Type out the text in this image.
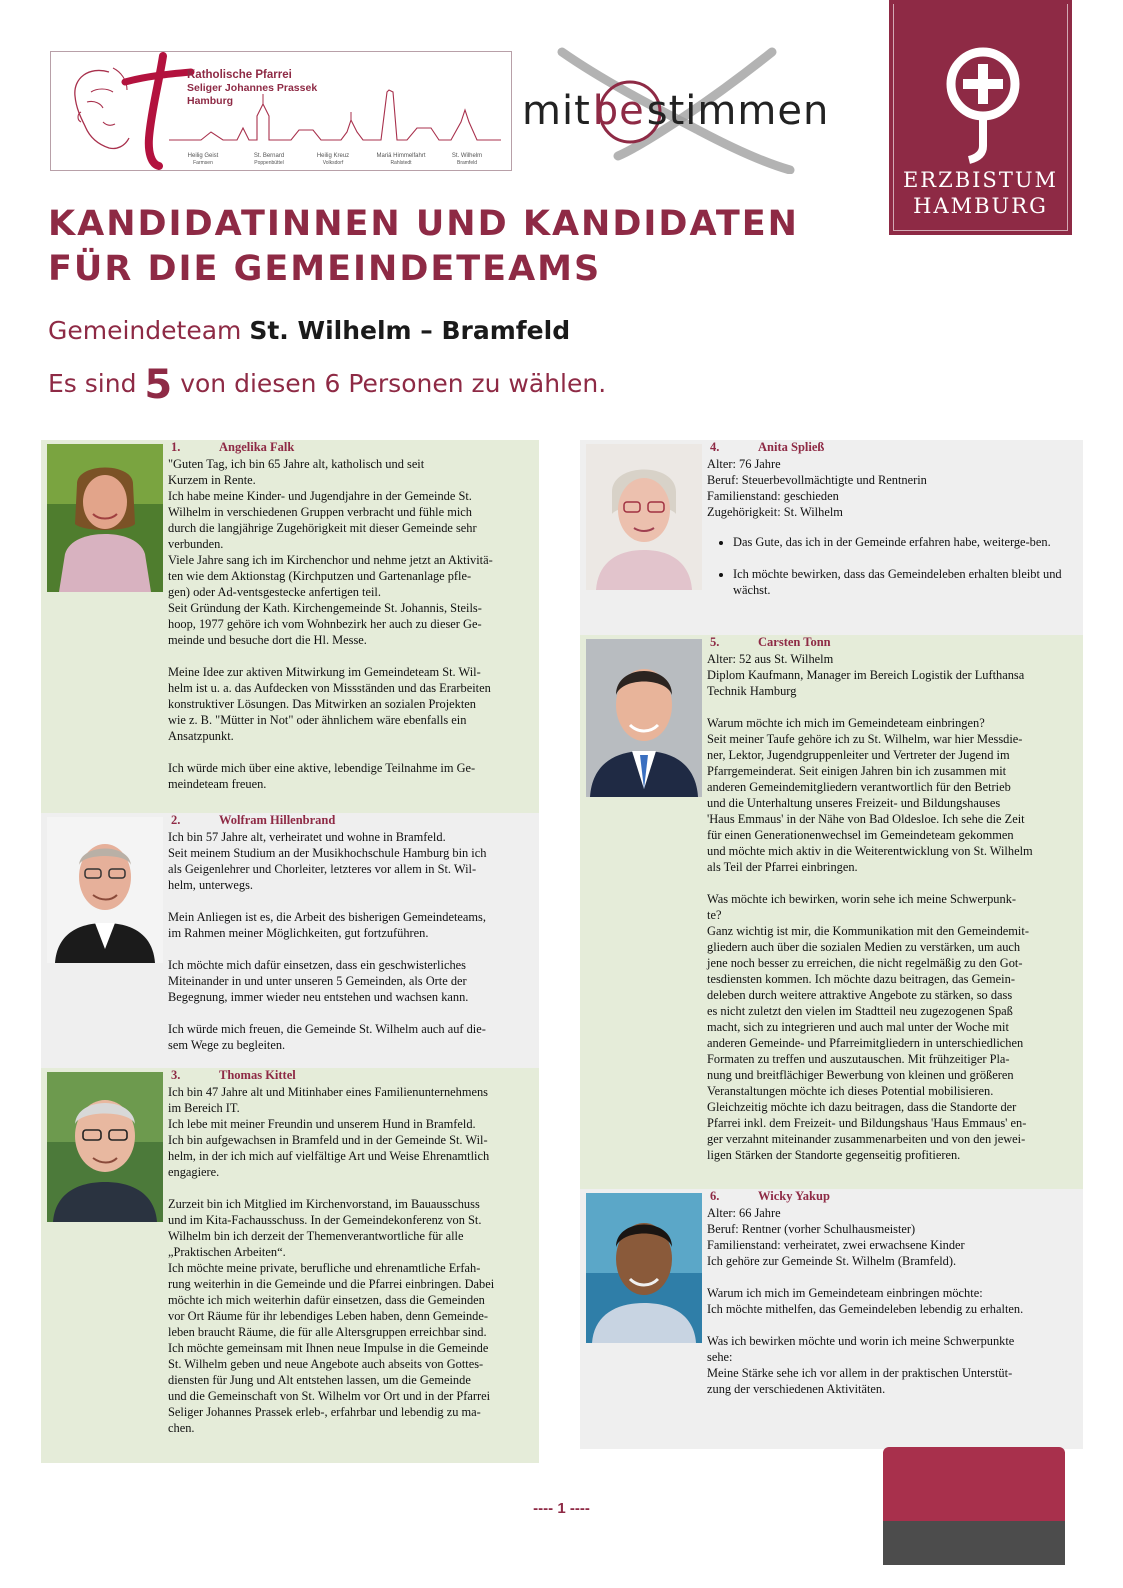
Katholische Pfarrei
Seliger Johannes Prassek
Hamburg
Heilig Geist
Farmsen
St. Bernard
Poppenbüttel
Heilig Kreuz
Volksdorf
Mariä Himmelfahrt
Rahlstedt
St. Wilhelm
Bramfeld
mitbestimmen
ERZBISTUM
HAMBURG
KANDIDATINNEN UND KANDIDATEN
FÜR DIE GEMEINDETEAMS
Gemeindeteam St. Wilhelm – Bramfeld
Es sind 5 von diesen 6 Personen zu wählen.
1.	Angelika Falk

"Guten Tag, ich bin 65 Jahre alt, katholisch und seit

Kurzem in Rente.

Ich habe meine Kinder- und Jugendjahre in der Gemeinde St.

Wilhelm in verschiedenen Gruppen verbracht und fühle mich

durch die langjährige Zugehörigkeit mit dieser Gemeinde sehr

verbunden.

Viele Jahre sang ich im Kirchenchor und nehme jetzt an Aktivitä-

ten wie dem Aktionstag (Kirchputzen und Gartenanlage pfle-

gen) oder Ad-ventsgestecke anfertigen teil.

Seit Gründung der Kath. Kirchengemeinde St. Johannis, Steils-

hoop, 1977 gehöre ich vom Wohnbezirk her auch zu dieser Ge-

meinde und besuche dort die Hl. Messe.

Meine Idee zur aktiven Mitwirkung im Gemeindeteam St. Wil-

helm ist u. a. das Aufdecken von Missständen und das Erarbeiten

konstruktiver Lösungen. Das Mitwirken an sozialen Projekten

wie z. B. "Mütter in Not" oder ähnlichem wäre ebenfalls ein

Ansatzpunkt.

Ich würde mich über eine aktive, lebendige Teilnahme im Ge-

meindeteam freuen.

2.	Wolfram Hillenbrand

Ich bin 57 Jahre alt, verheiratet und wohne in Bramfeld.

Seit meinem Studium an der Musikhochschule Hamburg bin ich

als Geigenlehrer und Chorleiter, letzteres vor allem in St. Wil-

helm, unterwegs.

Mein Anliegen ist es, die Arbeit des bisherigen Gemeindeteams,

im Rahmen meiner Möglichkeiten, gut fortzuführen.

Ich möchte mich dafür einsetzen, dass ein geschwisterliches

Miteinander in und unter unseren 5 Gemeinden, als Orte der

Begegnung, immer wieder neu entstehen und wachsen kann.

Ich würde mich freuen, die Gemeinde St. Wilhelm auch auf die-

sem Wege zu begleiten.

3.	Thomas Kittel

Ich bin 47 Jahre alt und Mitinhaber eines Familienunternehmens

im Bereich IT.

Ich lebe mit meiner Freundin und unserem Hund in Bramfeld.

Ich bin aufgewachsen in Bramfeld und in der Gemeinde St. Wil-

helm, in der ich mich auf vielfältige Art und Weise Ehrenamtlich

engagiere.

Zurzeit bin ich Mitglied im Kirchenvorstand, im Bauausschuss

und im Kita-Fachausschuss. In der Gemeindekonferenz von St.

Wilhelm bin ich derzeit der Themenverantwortliche für alle

„Praktischen Arbeiten“.

Ich möchte meine private, berufliche und ehrenamtliche Erfah-

rung weiterhin in die Gemeinde und die Pfarrei einbringen. Dabei

möchte ich mich weiterhin dafür einsetzen, dass die Gemeinden

vor Ort Räume für ihr lebendiges Leben haben, denn Gemeinde-

leben braucht Räume, die für alle Altersgruppen erreichbar sind.

Ich möchte gemeinsam mit Ihnen neue Impulse in die Gemeinde

St. Wilhelm geben und neue Angebote auch abseits von Gottes-

diensten für Jung und Alt entstehen lassen, um die Gemeinde

und die Gemeinschaft von St. Wilhelm vor Ort und in der Pfarrei

Seliger Johannes Prassek erleb-, erfahrbar und lebendig zu ma-

chen.

4.	Anita Spließ

Alter: 76 Jahre

Beruf: Steuerbevollmächtigte und Rentnerin

Familienstand: geschieden

Zugehörigkeit: St. Wilhelm

• Das Gute, das ich in der Gemeinde erfahren habe, weiterge-ben.
• Ich möchte bewirken, dass das Gemeindeleben erhalten bleibt und wächst.
5.	Carsten Tonn

Alter: 52 aus St. Wilhelm

Diplom Kaufmann, Manager im Bereich Logistik der Lufthansa

Technik Hamburg

Warum möchte ich mich im Gemeindeteam einbringen?

Seit meiner Taufe gehöre ich zu St. Wilhelm, war hier Messdie-

ner, Lektor, Jugendgruppenleiter und Vertreter der Jugend im

Pfarrgemeinderat. Seit einigen Jahren bin ich zusammen mit

anderen Gemeindemitgliedern verantwortlich für den Betrieb

und die Unterhaltung unseres Freizeit- und Bildungshauses

'Haus Emmaus' in der Nähe von Bad Oldesloe. Ich sehe die Zeit

für einen Generationenwechsel im Gemeindeteam gekommen

und möchte mich aktiv in die Weiterentwicklung von St. Wilhelm

als Teil der Pfarrei einbringen.

Was möchte ich bewirken, worin sehe ich meine Schwerpunk-

te?

Ganz wichtig ist mir, die Kommunikation mit den Gemeindemit-

gliedern auch über die sozialen Medien zu verstärken, um auch

jene noch besser zu erreichen, die nicht regelmäßig zu den Got-

tesdiensten kommen. Ich möchte dazu beitragen, das Gemein-

deleben durch weitere attraktive Angebote zu stärken, so dass

es nicht zuletzt den vielen im Stadtteil neu zugezogenen Spaß

macht, sich zu integrieren und auch mal unter der Woche mit

anderen Gemeinde- und Pfarreimitgliedern in unterschiedlichen

Formaten zu treffen und auszutauschen. Mit frühzeitiger Pla-

nung und breitflächiger Bewerbung von kleinen und größeren

Veranstaltungen möchte ich dieses Potential mobilisieren.

Gleichzeitig möchte ich dazu beitragen, dass die Standorte der

Pfarrei inkl. dem Freizeit- und Bildungshaus 'Haus Emmaus' en-

ger verzahnt miteinander zusammenarbeiten und von den jewei-

ligen Stärken der Standorte gegenseitig profitieren.

6.	Wicky Yakup

Alter: 66 Jahre

Beruf: Rentner (vorher Schulhausmeister)

Familienstand: verheiratet, zwei erwachsene Kinder

Ich gehöre zur Gemeinde St. Wilhelm (Bramfeld).

Warum ich mich im Gemeindeteam einbringen möchte:

Ich möchte mithelfen, das Gemeindeleben lebendig zu erhalten.

Was ich bewirken möchte und worin ich meine Schwerpunkte

sehe:

Meine Stärke sehe ich vor allem in der praktischen Unterstüt-

zung der verschiedenen Aktivitäten.

---- 1 ----
